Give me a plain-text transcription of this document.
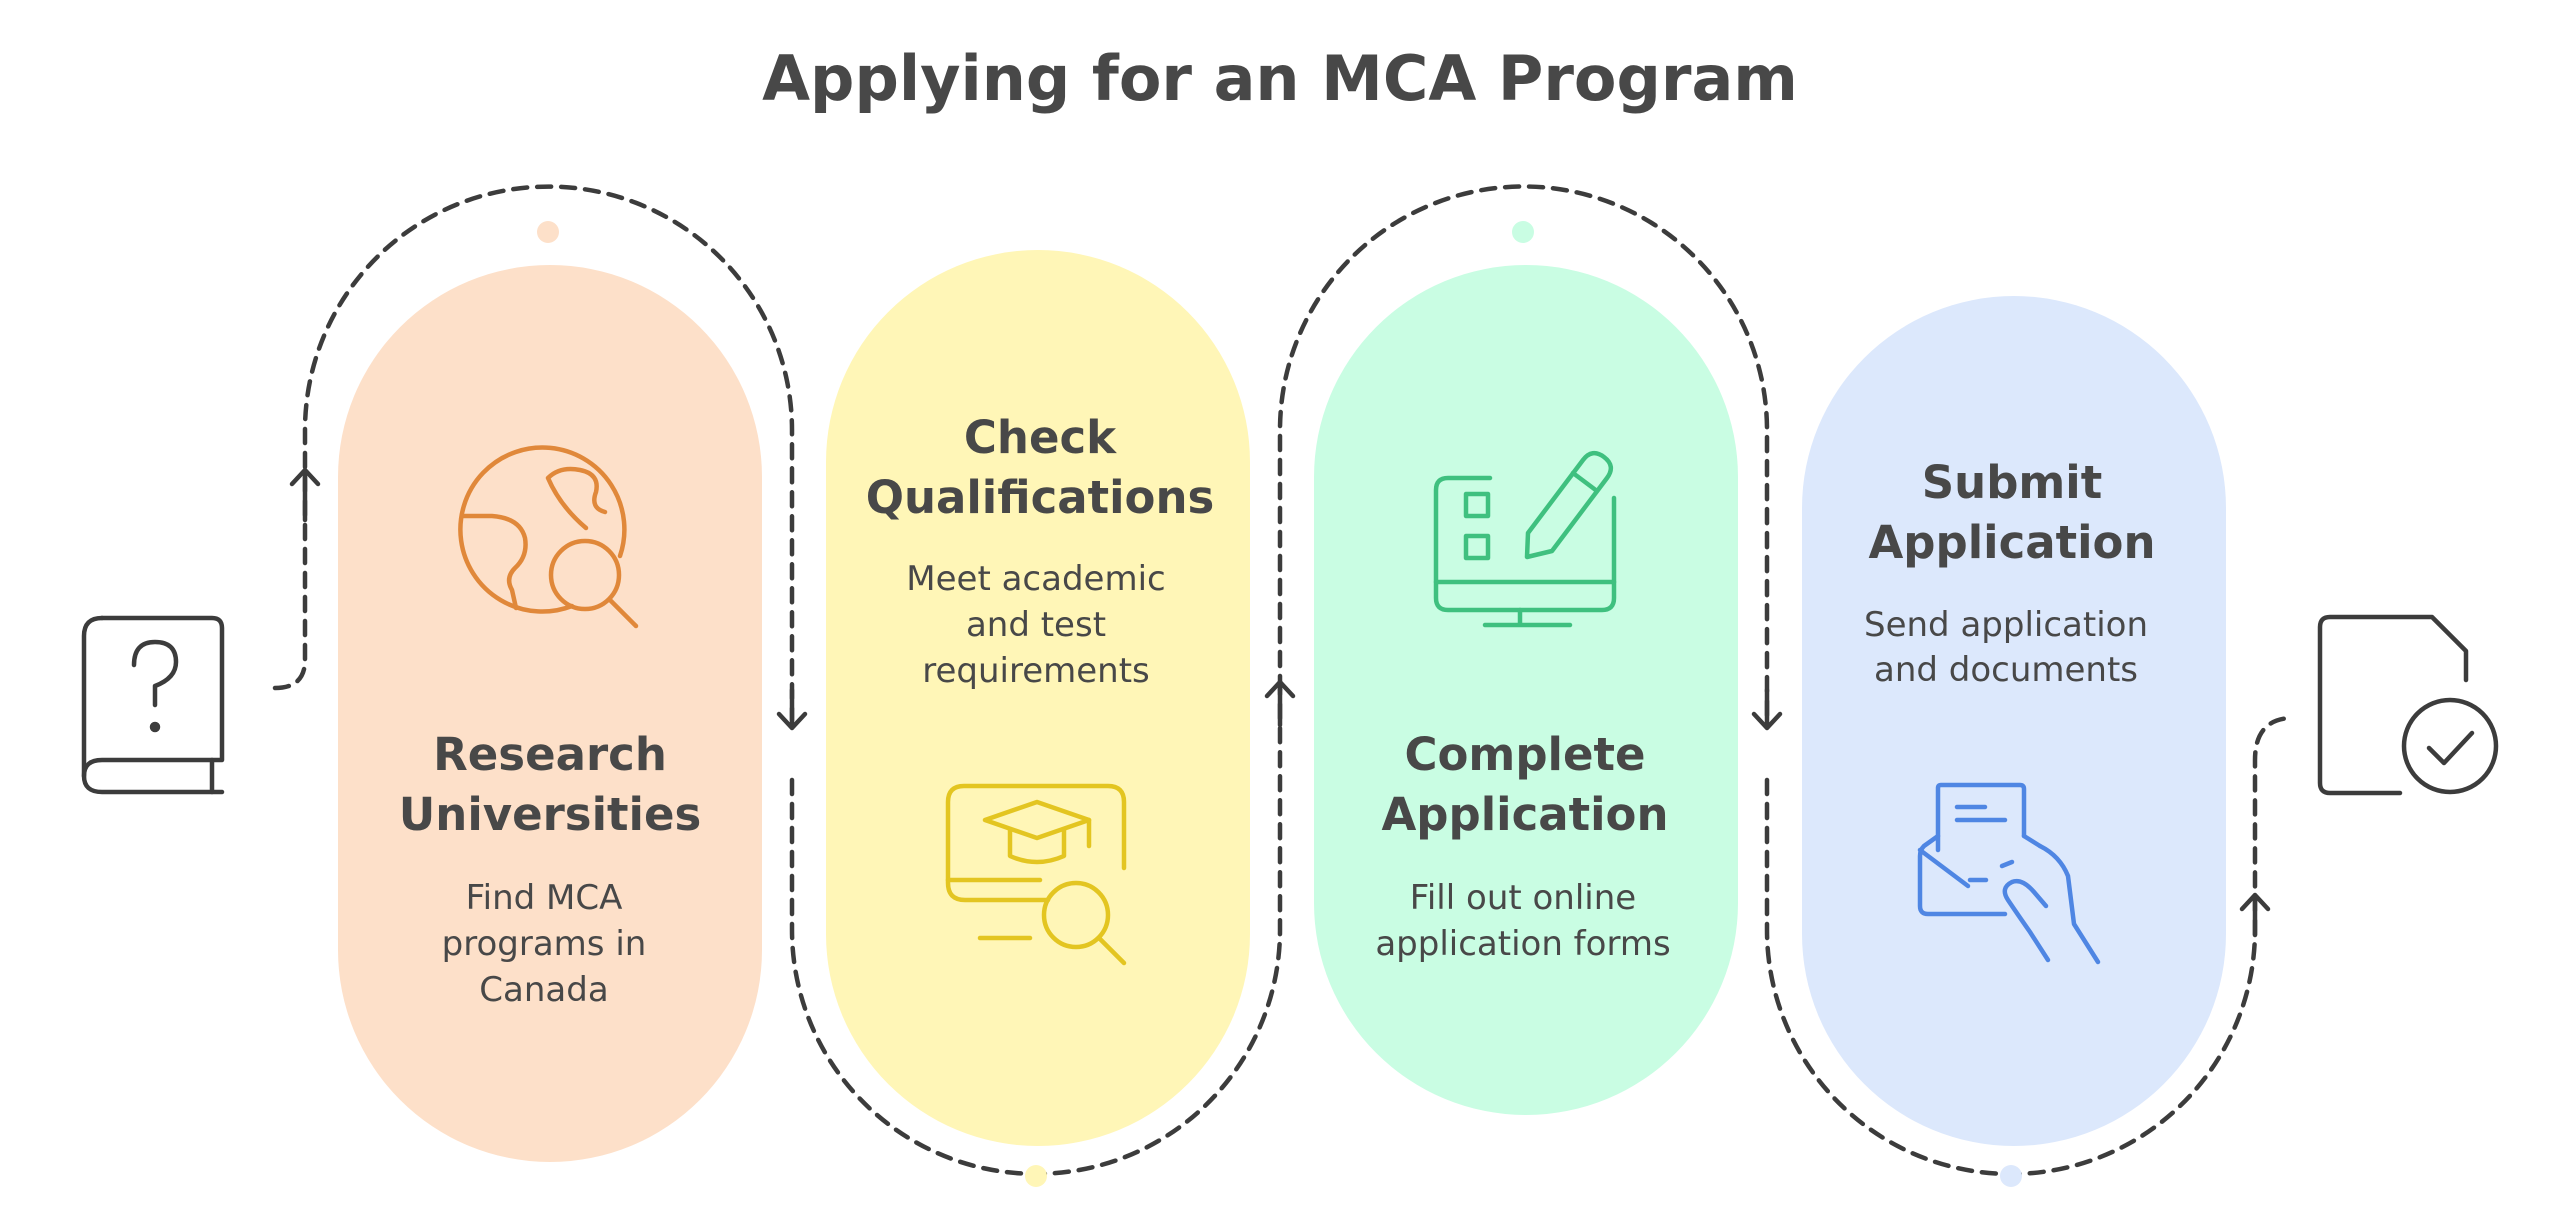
Applying for an MCA Program
Research
Universities
Find MCA
programs in
Canada
Check
Qualifications
Meet academic
and test
requirements
Complete
Application
Fill out online
application forms
Submit
Application
Send application
and documents
